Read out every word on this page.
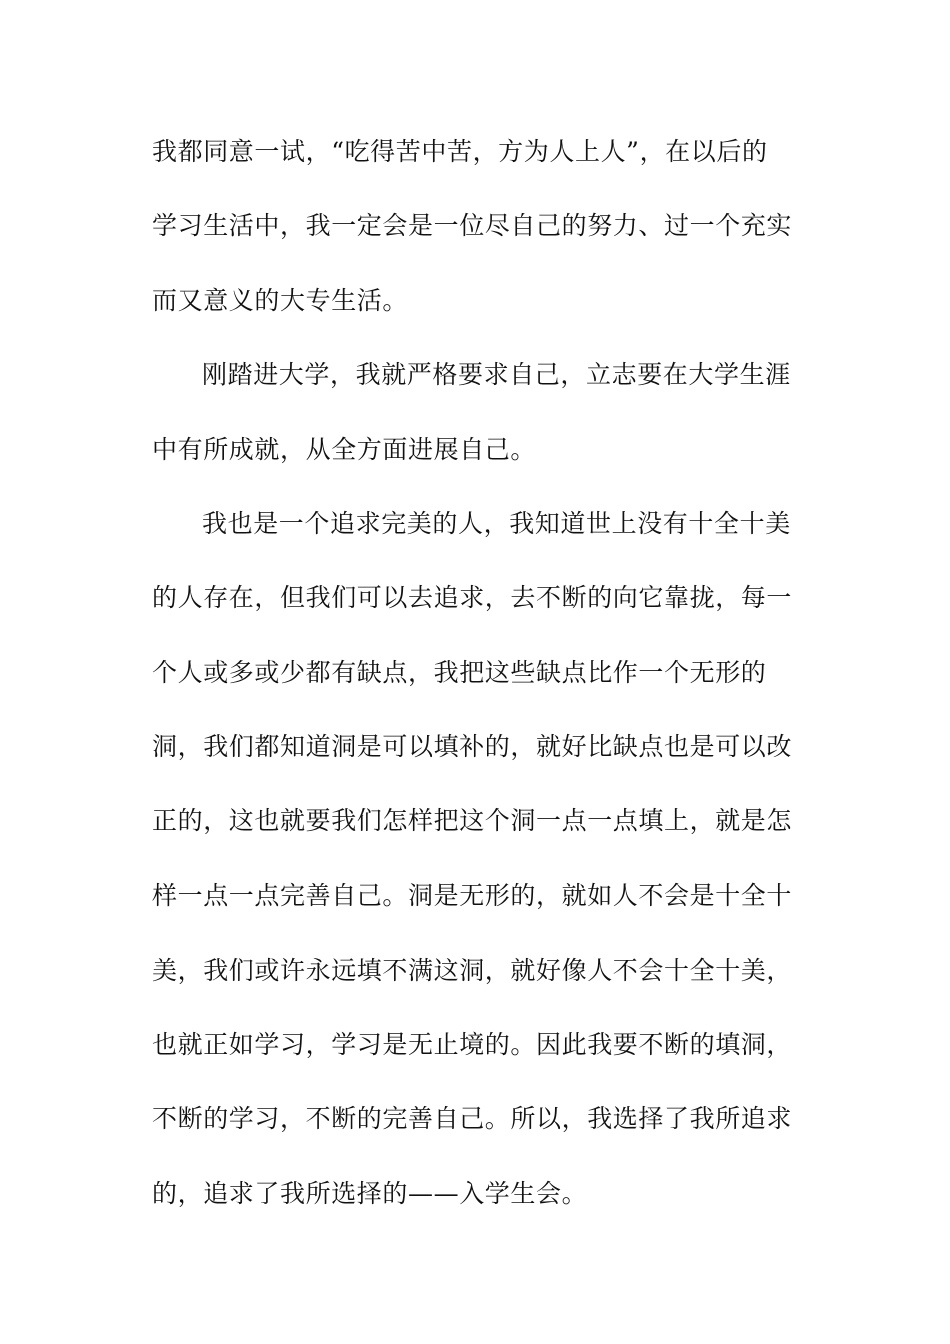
我都同意一试，“吃得苦中苦，方为人上人”，在以后的
学习生活中，我一定会是一位尽自己的努力、过一个充实
而又意义的大专生活。
刚踏进大学，我就严格要求自己，立志要在大学生涯
中有所成就，从全方面进展自己。
我也是一个追求完美的人，我知道世上没有十全十美
的人存在，但我们可以去追求，去不断的向它靠拢，每一
个人或多或少都有缺点，我把这些缺点比作一个无形的
洞，我们都知道洞是可以填补的，就好比缺点也是可以改
正的，这也就要我们怎样把这个洞一点一点填上，就是怎
样一点一点完善自己。洞是无形的，就如人不会是十全十
美，我们或许永远填不满这洞，就好像人不会十全十美，
也就正如学习，学习是无止境的。因此我要不断的填洞，
不断的学习，不断的完善自己。所以，我选择了我所追求
的，追求了我所选择的——入学生会。
